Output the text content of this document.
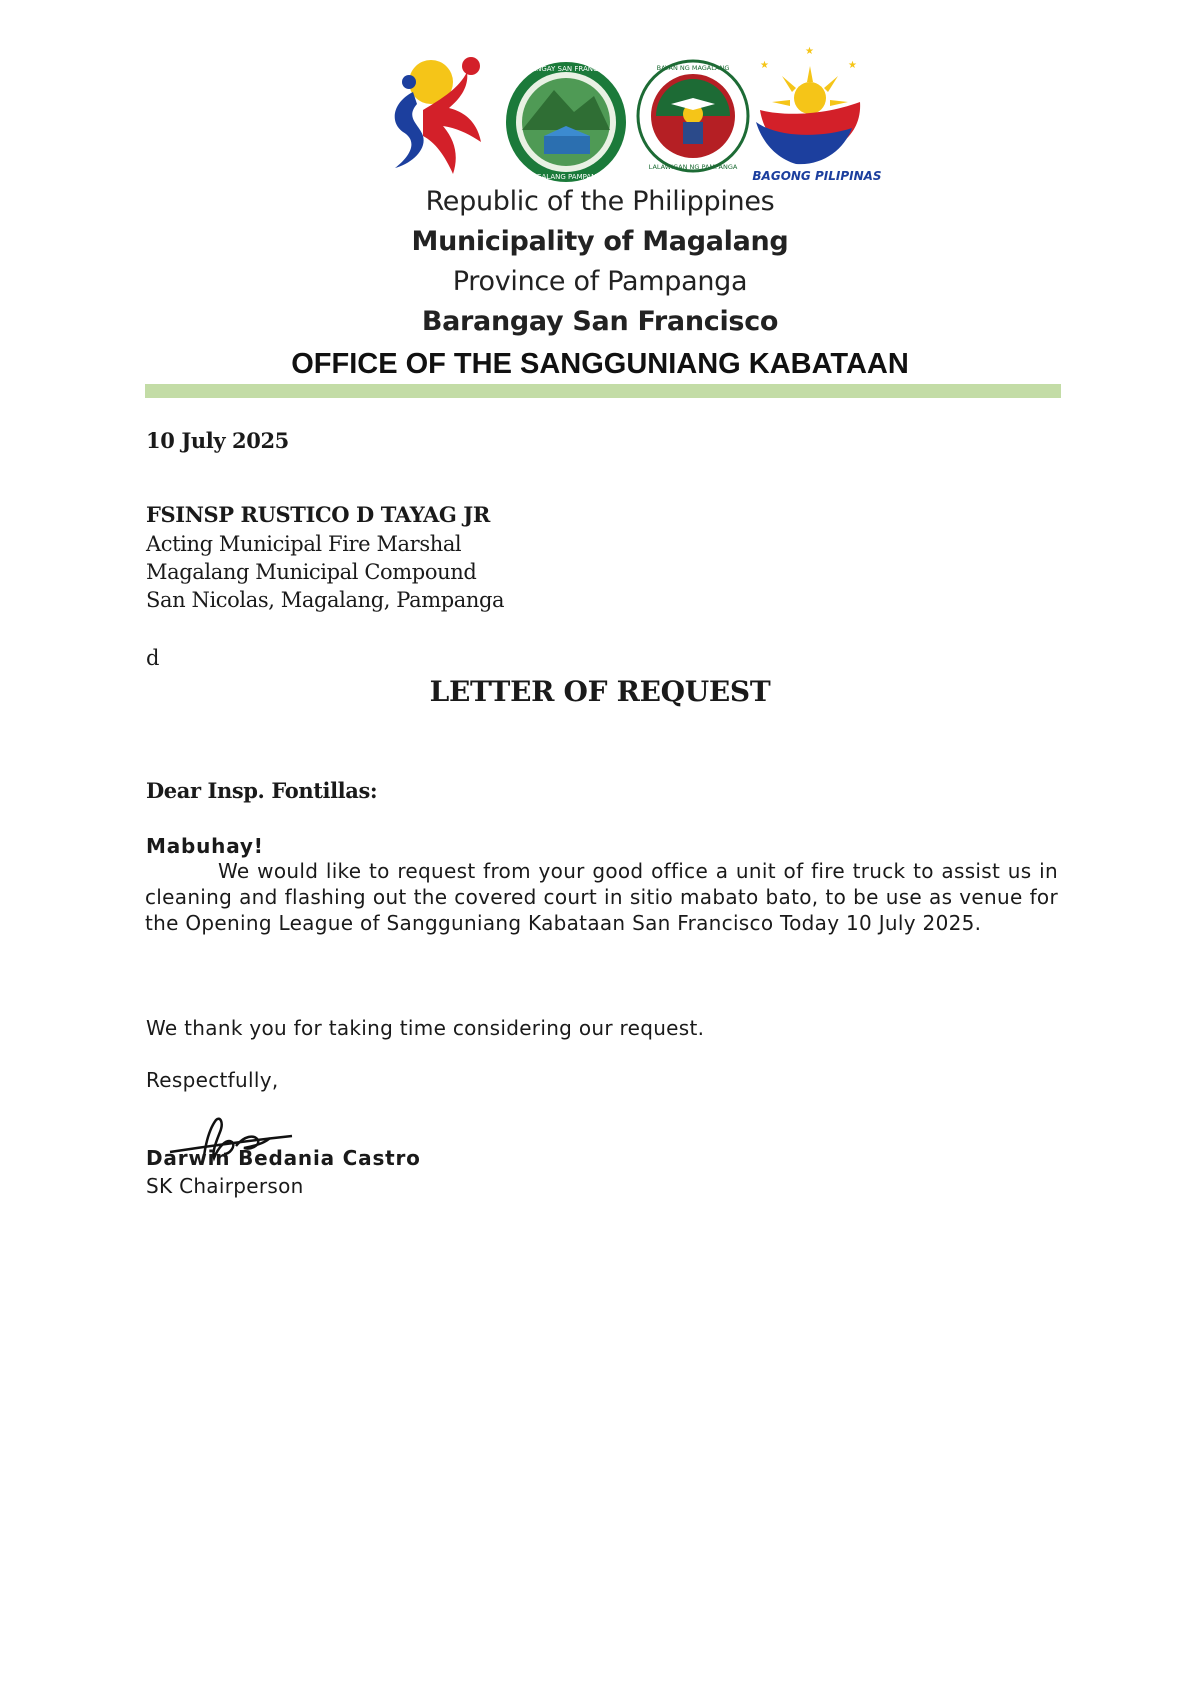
BARANGAY SAN FRANCISCO
MAGALANG PAMPANGA
BAYAN NG MAGALANG
LALAWIGAN NG PAMPANGA
★
★	★
BAGONG PILIPINAS
Republic of the Philippines
Municipality of Magalang
Province of Pampanga
Barangay San Francisco
OFFICE OF THE SANGGUNIANG KABATAAN
10 July 2025
FSINSP RUSTICO D TAYAG JR
Acting Municipal Fire Marshal
Magalang Municipal Compound
San Nicolas, Magalang, Pampanga
d
LETTER OF REQUEST
Dear Insp. Fontillas:
Mabuhay!
We would like to request from your good office a unit of fire truck to assist us in cleaning and flashing out the covered court in sitio mabato bato, to be use as venue for the Opening League of Sangguniang Kabataan San Francisco Today 10 July 2025.
We thank you for taking time considering our request.
Respectfully,
Darwin Bedania Castro
SK Chairperson
